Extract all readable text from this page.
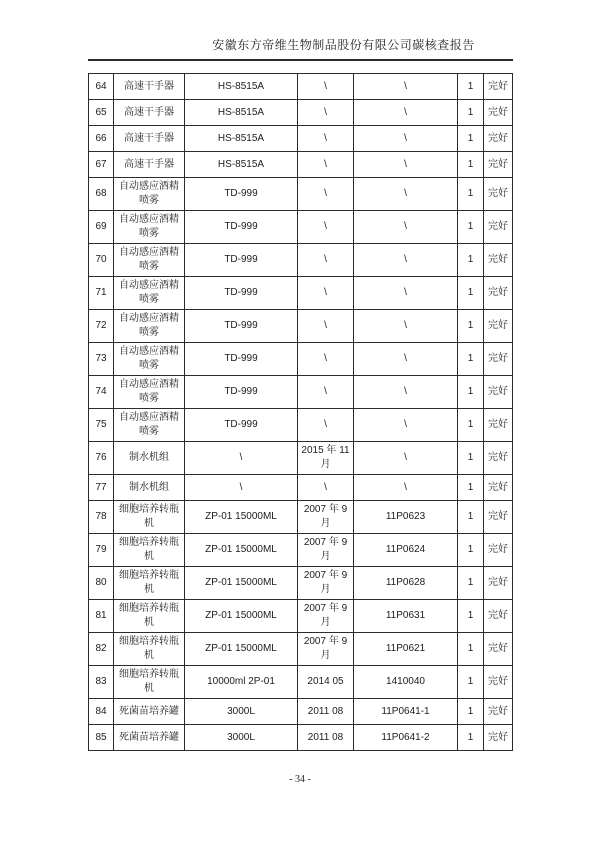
安徽东方帝维生物制品股份有限公司碳核查报告
64	高速干手器	HS-8515A	\	\	1	完好
65	高速干手器	HS-8515A	\	\	1	完好
66	高速干手器	HS-8515A	\	\	1	完好
67	高速干手器	HS-8515A	\	\	1	完好
68	自动感应酒精喷雾	TD-999	\	\	1	完好
69	自动感应酒精喷雾	TD-999	\	\	1	完好
70	自动感应酒精喷雾	TD-999	\	\	1	完好
71	自动感应酒精喷雾	TD-999	\	\	1	完好
72	自动感应酒精喷雾	TD-999	\	\	1	完好
73	自动感应酒精喷雾	TD-999	\	\	1	完好
74	自动感应酒精喷雾	TD-999	\	\	1	完好
75	自动感应酒精喷雾	TD-999	\	\	1	完好
76	制水机组	\	2015 年 11 月	\	1	完好
77	制水机组	\	\	\	1	完好
78	细胞培养转瓶机	ZP-01 15000ML	2007 年 9 月	11P0623	1	完好
79	细胞培养转瓶机	ZP-01 15000ML	2007 年 9 月	11P0624	1	完好
80	细胞培养转瓶机	ZP-01 15000ML	2007 年 9 月	11P0628	1	完好
81	细胞培养转瓶机	ZP-01 15000ML	2007 年 9 月	11P0631	1	完好
82	细胞培养转瓶机	ZP-01 15000ML	2007 年 9 月	11P0621	1	完好
83	细胞培养转瓶机	10000ml 2P-01	2014 05	1410040	1	完好
84	死菌苗培养罐	3000L	2011 08	11P0641-1	1	完好
85	死菌苗培养罐	3000L	2011 08	11P0641-2	1	完好
- 34 -
